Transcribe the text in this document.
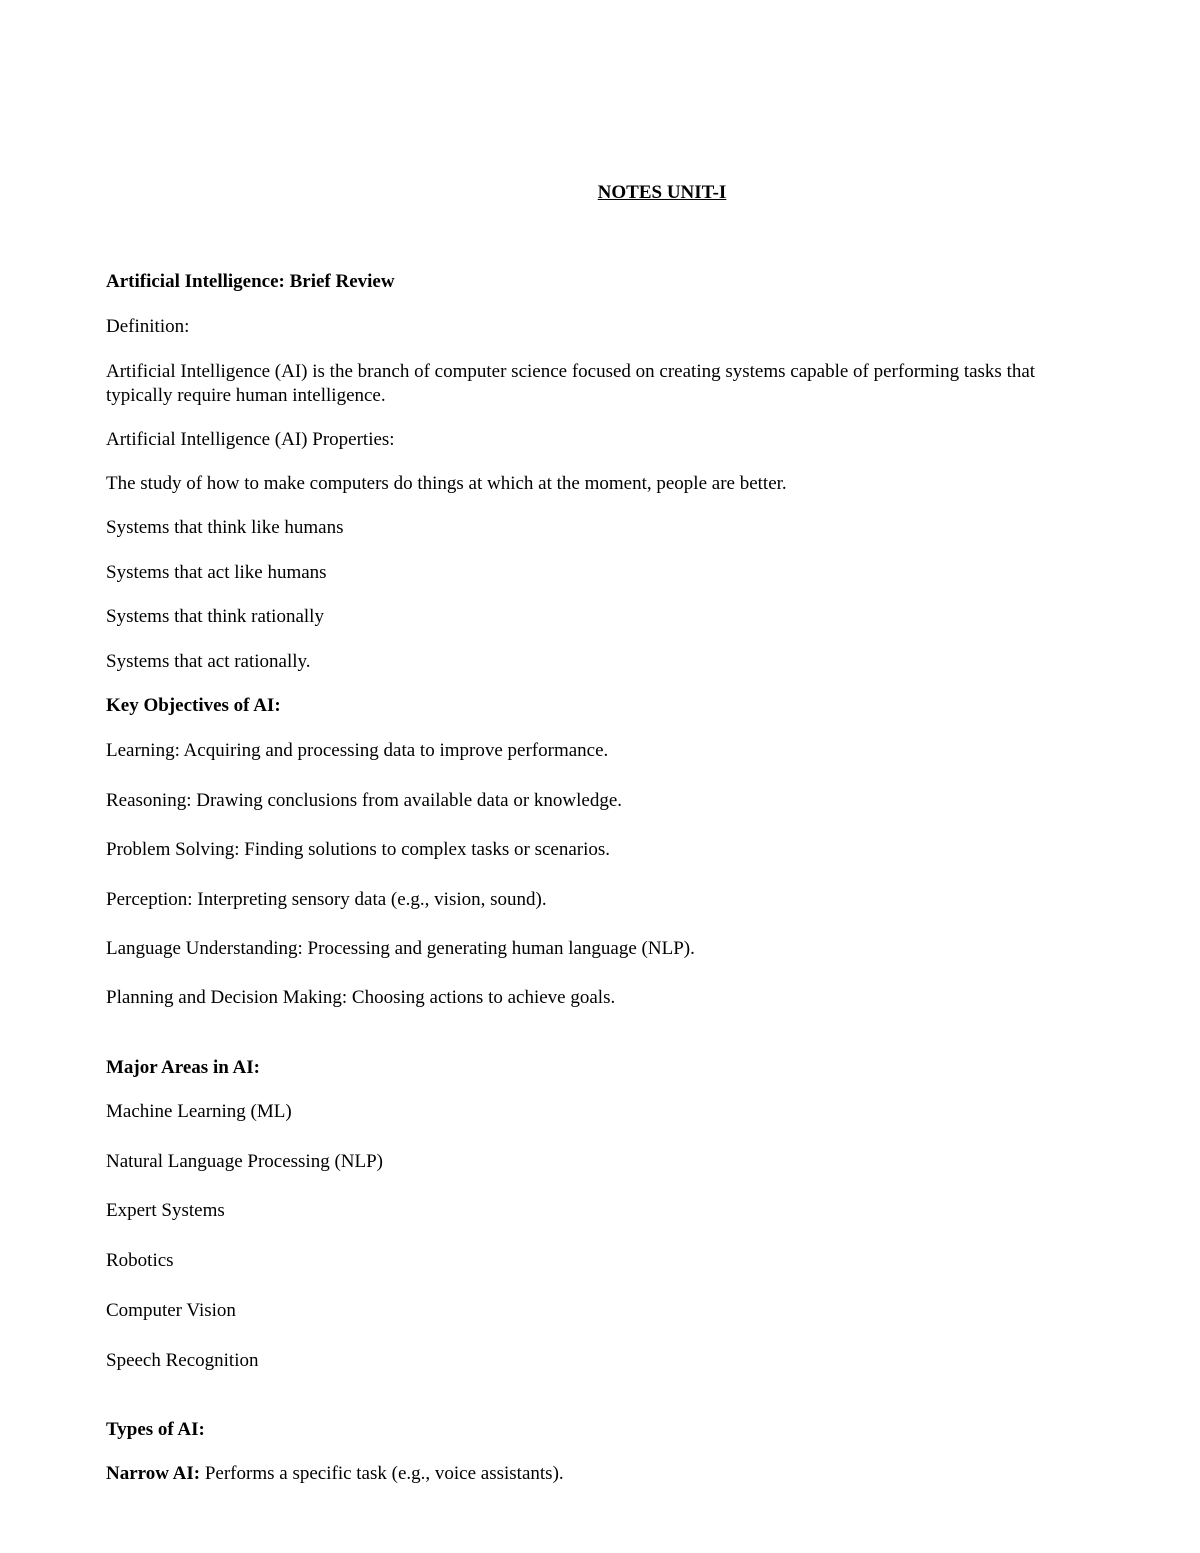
NOTES UNIT-I

Artificial Intelligence: Brief Review

Definition:

Artificial Intelligence (AI) is the branch of computer science focused on creating systems capable of performing tasks that typically require human intelligence.

Artificial Intelligence (AI) Properties:

The study of how to make computers do things at which at the moment, people are better.

Systems that think like humans

Systems that act like humans

Systems that think rationally

Systems that act rationally.

Key Objectives of AI:

Learning: Acquiring and processing data to improve performance.

Reasoning: Drawing conclusions from available data or knowledge.

Problem Solving: Finding solutions to complex tasks or scenarios.

Perception: Interpreting sensory data (e.g., vision, sound).

Language Understanding: Processing and generating human language (NLP).

Planning and Decision Making: Choosing actions to achieve goals.

Major Areas in AI:

Machine Learning (ML)

Natural Language Processing (NLP)

Expert Systems

Robotics

Computer Vision

Speech Recognition

Types of AI:

Narrow AI: Performs a specific task (e.g., voice assistants).
